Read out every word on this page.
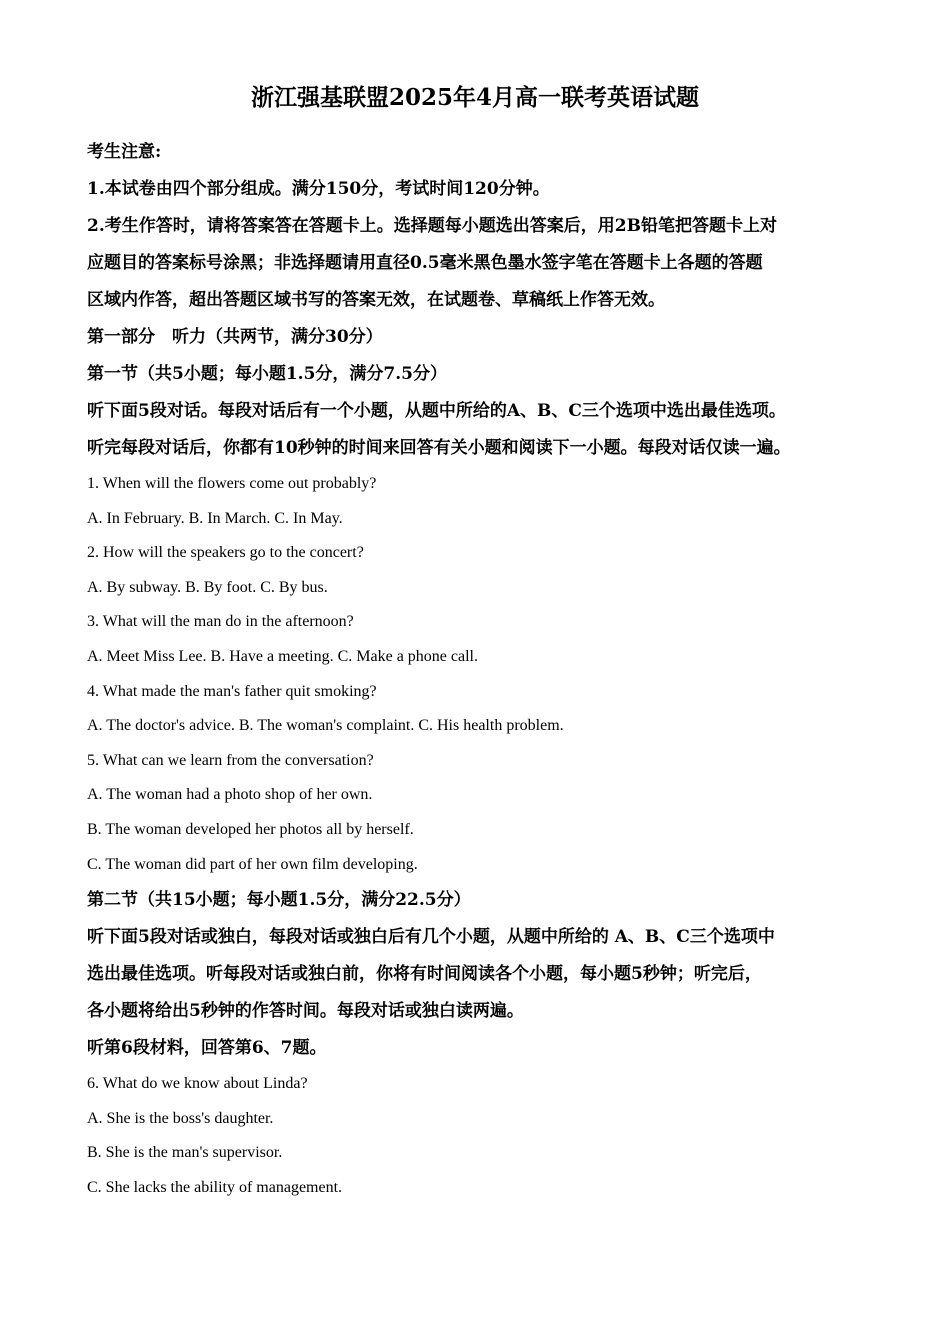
浙江强基联盟2025年4月高一联考英语试题
考生注意:
1.本试卷由四个部分组成。满分150分，考试时间120分钟。
2.考生作答时，请将答案答在答题卡上。选择题每小题选出答案后，用2B铅笔把答题卡上对
应题目的答案标号涂黑；非选择题请用直径0.5毫米黑色墨水签字笔在答题卡上各题的答题
区域内作答，超出答题区域书写的答案无效，在试题卷、草稿纸上作答无效。
第一部分　听力（共两节，满分30分）
第一节（共5小题；每小题1.5分，满分7.5分）
听下面5段对话。每段对话后有一个小题，从题中所给的A、B、C三个选项中选出最佳选项。
听完每段对话后，你都有10秒钟的时间来回答有关小题和阅读下一小题。每段对话仅读一遍。
1. When will the flowers come out probably?
A. In February. B. In March. C. In May.
2. How will the speakers go to the concert?
A. By subway. B. By foot. C. By bus.
3. What will the man do in the afternoon?
A. Meet Miss Lee. B. Have a meeting. C. Make a phone call.
4. What made the man's father quit smoking?
A. The doctor's advice. B. The woman's complaint. C. His health problem.
5. What can we learn from the conversation?
A. The woman had a photo shop of her own.
B. The woman developed her photos all by herself.
C. The woman did part of her own film developing.
第二节（共15小题；每小题1.5分，满分22.5分）
听下面5段对话或独白，每段对话或独白后有几个小题，从题中所给的 A、B、C三个选项中
选出最佳选项。听每段对话或独白前，你将有时间阅读各个小题，每小题5秒钟；听完后，
各小题将给出5秒钟的作答时间。每段对话或独白读两遍。
听第6段材料，回答第6、7题。
6. What do we know about Linda?
A. She is the boss's daughter.
B. She is the man's supervisor.
C. She lacks the ability of management.
